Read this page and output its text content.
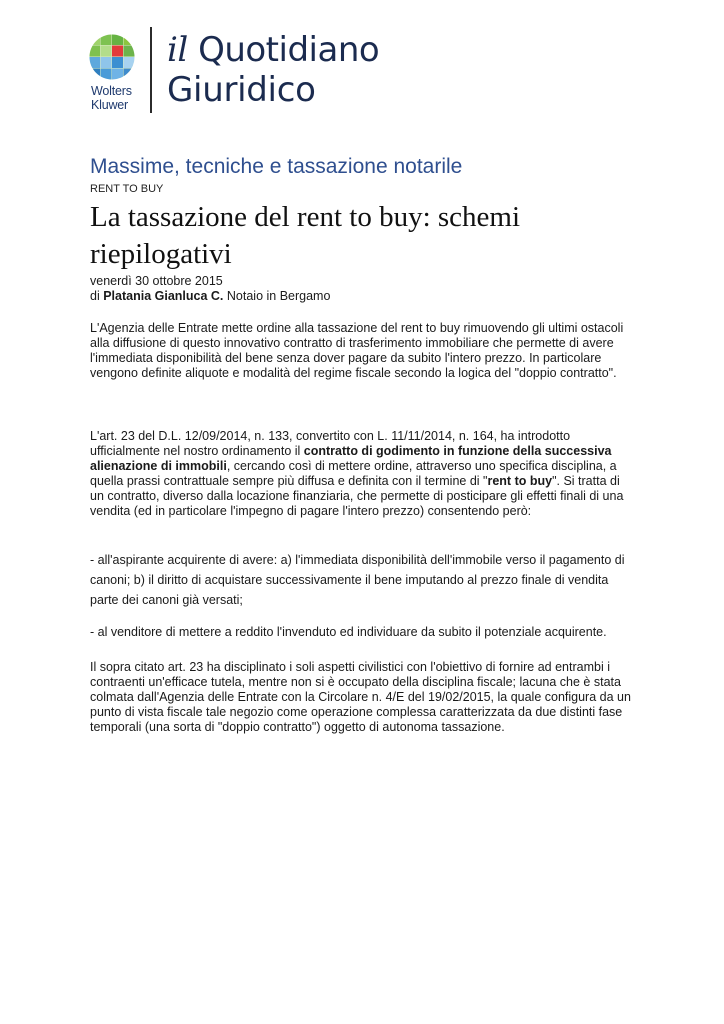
Wolters
Kluwer
il Quotidiano
Giuridico
Massime, tecniche e tassazione notarile
RENT TO BUY
La tassazione del rent to buy: schemi riepilogativi
venerdì 30 ottobre 2015
di Platania Gianluca C. Notaio in Bergamo
L'Agenzia delle Entrate mette ordine alla tassazione del rent to buy rimuovendo gli ultimi ostacoli alla diffusione di questo innovativo contratto di trasferimento immobiliare che permette di avere l'immediata disponibilità del bene senza dover pagare da subito l'intero prezzo. In particolare vengono definite aliquote e modalità del regime fiscale secondo la logica del "doppio contratto".
L'art. 23 del D.L. 12/09/2014, n. 133, convertito con L. 11/11/2014, n. 164, ha introdotto ufficialmente nel nostro ordinamento il contratto di godimento in funzione della successiva alienazione di immobili, cercando così di mettere ordine, attraverso uno specifica disciplina, a quella prassi contrattuale sempre più diffusa e definita con il termine di "rent to buy". Si tratta di un contratto, diverso dalla locazione finanziaria, che permette di posticipare gli effetti finali di una vendita (ed in particolare l'impegno di pagare l'intero prezzo) consentendo però:
- all'aspirante acquirente di avere: a) l'immediata disponibilità dell'immobile verso il pagamento di canoni; b) il diritto di acquistare successivamente il bene imputando al prezzo finale di vendita parte dei canoni già versati;
- al venditore di mettere a reddito l'invenduto ed individuare da subito il potenziale acquirente.
Il sopra citato art. 23 ha disciplinato i soli aspetti civilistici con l'obiettivo di fornire ad entrambi i contraenti un'efficace tutela, mentre non si è occupato della disciplina fiscale; lacuna che è stata colmata dall'Agenzia delle Entrate con la Circolare n. 4/E del 19/02/2015, la quale configura da un punto di vista fiscale tale negozio come operazione complessa caratterizzata da due distinti fase temporali (una sorta di "doppio contratto") oggetto di autonoma tassazione.
